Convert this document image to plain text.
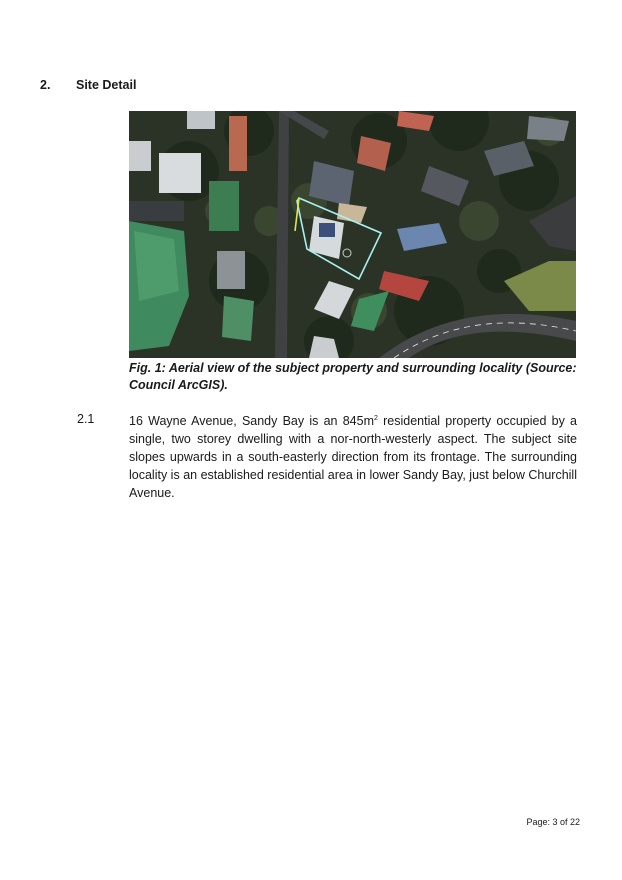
2. Site Detail
Fig. 1: Aerial view of the subject property and surrounding locality (Source: Council ArcGIS).
2.1	16 Wayne Avenue, Sandy Bay is an $845m^2$ residential property occupied by a single, two storey dwelling with a nor-north-westerly aspect. The subject site slopes upwards in a south-easterly direction from its frontage. The surrounding locality is an established residential area in lower Sandy Bay, just below Churchill Avenue.
Page: 3 of 22
